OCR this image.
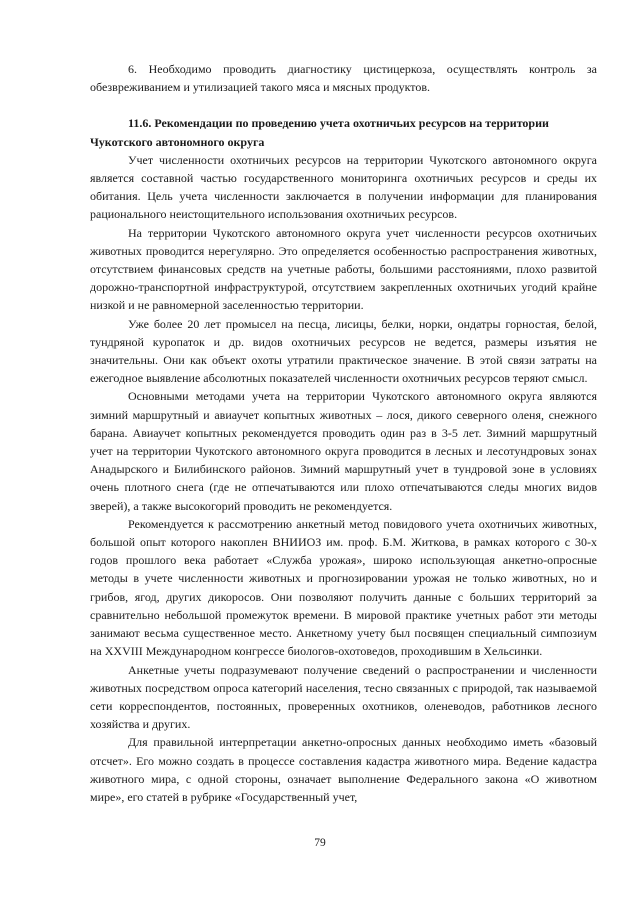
6. Необходимо проводить диагностику цистицеркоза, осуществлять контроль за обезвреживанием и утилизацией такого мяса и мясных продуктов.

11.6. Рекомендации по проведению учета охотничьих ресурсов на территории Чукотского автономного округа

Учет численности охотничьих ресурсов на территории Чукотского автономного округа является составной частью государственного мониторинга охотничьих ресурсов и среды их обитания. Цель учета численности заключается в получении информации для планирования рационального неистощительного использования охотничьих ресурсов.

На территории Чукотского автономного округа учет численности ресурсов охотничьих животных проводится нерегулярно. Это определяется особенностью распространения животных, отсутствием финансовых средств на учетные работы, большими расстояниями, плохо развитой дорожно-транспортной инфраструктурой, отсутствием закрепленных охотничьих угодий крайне низкой и не равномерной заселенностью территории.

Уже более 20 лет промысел на песца, лисицы, белки, норки, ондатры горностая, белой, тундряной куропаток и др. видов охотничьих ресурсов не ведется, размеры изъятия не значительны. Они как объект охоты утратили практическое значение. В этой связи затраты на ежегодное выявление абсолютных показателей численности охотничьих ресурсов теряют смысл.

Основными методами учета на территории Чукотского автономного округа являются зимний маршрутный и авиаучет копытных животных – лося, дикого северного оленя, снежного барана. Авиаучет копытных рекомендуется проводить один раз в 3-5 лет. Зимний маршрутный учет на территории Чукотского автономного округа проводится в лесных и лесотундровых зонах Анадырского и Билибинского районов. Зимний маршрутный учет в тундровой зоне в условиях очень плотного снега (где не отпечатываются или плохо отпечатываются следы многих видов зверей), а также высокогорий проводить не рекомендуется.

Рекомендуется к рассмотрению анкетный метод повидового учета охотничьих животных, большой опыт которого накоплен ВНИИОЗ им. проф. Б.М. Житкова, в рамках которого с 30-х годов прошлого века работает «Служба урожая», широко использующая анкетно-опросные методы в учете численности животных и прогнозировании урожая не только животных, но и грибов, ягод, других дикоросов. Они позволяют получить данные с больших территорий за сравнительно небольшой промежуток времени. В мировой практике учетных работ эти методы занимают весьма существенное место. Анкетному учету был посвящен специальный симпозиум на XXVIII Международном конгрессе биологов-охотоведов, проходившим в Хельсинки.

Анкетные учеты подразумевают получение сведений о распространении и численности животных посредством опроса категорий населения, тесно связанных с природой, так называемой сети корреспондентов, постоянных, проверенных охотников, оленеводов, работников лесного хозяйства и других.

Для правильной интерпретации анкетно-опросных данных необходимо иметь «базовый отсчет». Его можно создать в процессе составления кадастра животного мира. Ведение кадастра животного мира, с одной стороны, означает выполнение Федерального закона «О животном мире», его статей в рубрике «Государственный учет,

79
